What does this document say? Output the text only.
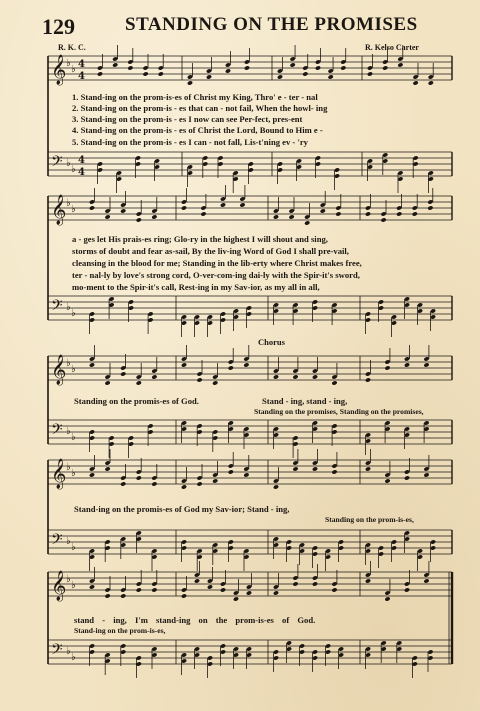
129	STANDING ON THE PROMISES
R. K. C.	R. Kelso Carter
𝄞 ♭
♭ 4
4
𝄢 ♭
♭
4
4
𝄞 ♭
♭
𝄢 ♭
♭
𝄞 ♭
♭
𝄢 ♭
♭
𝄞 ♭
♭
𝄢 ♭
♭
𝄞 ♭
♭
𝄢 ♭
♭
1. Stand-ing on the prom-is-es of Christ my King, Thro' e - ter - nal
2. Stand-ing on the prom-is - es that can - not fail, When the howl- ing
3. Stand-ing on the prom-is - es I now can see Per-fect, pres-ent
4. Stand-ing on the prom-is - es of Christ the Lord, Bound to Him e -
5. Stand-ing on the prom-is - es I can - not fall, Lis-t'ning ev - 'ry
a - ges let His prais-es ring; Glo-ry in the highest I will shout and sing,
storms of doubt and fear as-sail, By the liv-ing Word of God I shall pre-vail,
cleansing in the blood for me; Standing in the lib-erty where Christ makes free,
ter - nal-ly by love's strong cord, O-ver-com-ing dai-ly with the Spir-it's sword,
mo-ment to the Spir-it's call, Rest-ing in my Sav-ior, as my all in all,
Chorus
Standing on the promis-es of God.	Stand - ing, stand - ing,
Standing on the promises, Standing on the promises,
Stand-ing on the promis-es of God my Sav-ior; Stand - ing,
Standing on the prom-is-es,
stand - ing, I'm stand-ing on the prom-is-es of God.
Stand-ing on the prom-is-es,
